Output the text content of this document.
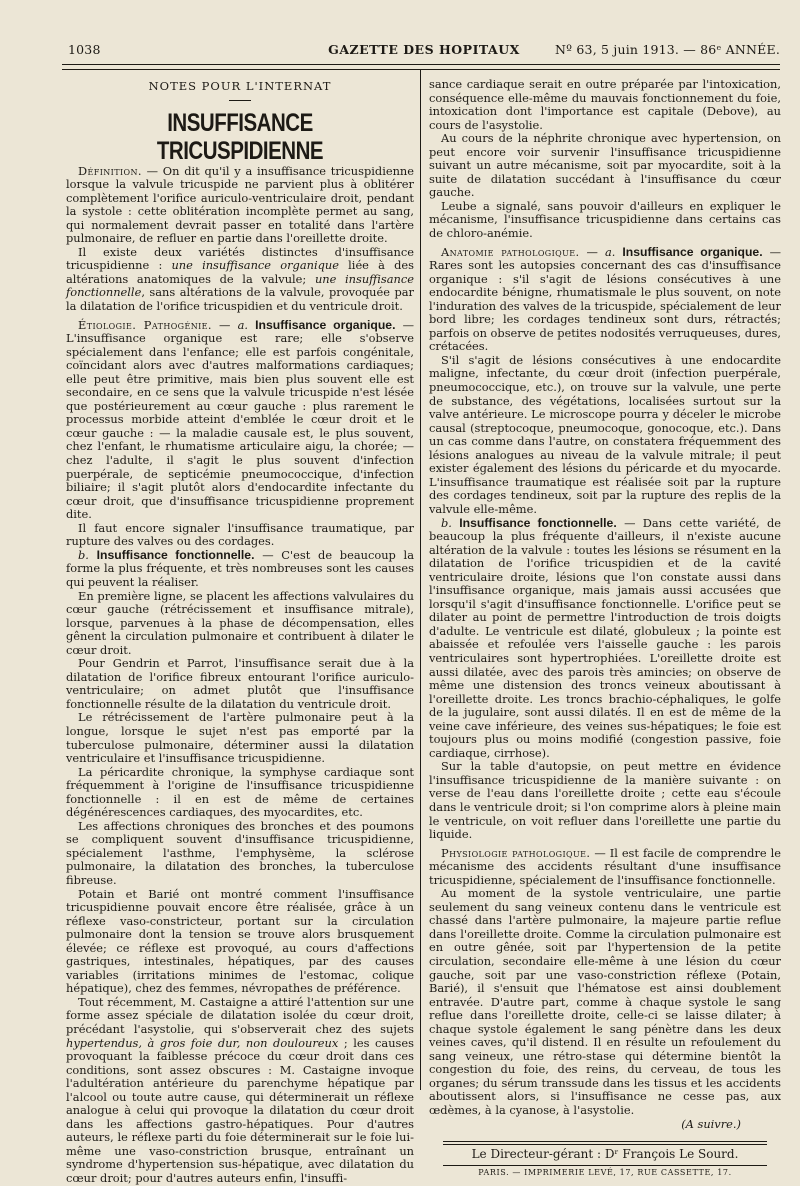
1038	GAZETTE DES HOPITAUX	Nº 63, 5 juin 1913. — 86ᵉ ANNÉE.

NOTES POUR L'INTERNAT

INSUFFISANCE TRICUSPIDIENNE

Définition. — On dit qu'il y a insuffisance tricuspidienne lorsque la valvule tricuspide ne parvient plus à oblitérer complètement l'orifice auriculo-ventriculaire droit, pendant la systole : cette oblitération incomplète permet au sang, qui normalement devrait passer en totalité dans l'artère pulmonaire, de refluer en partie dans l'oreillette droite.

Il existe deux variétés distinctes d'insuffisance tricuspidienne : une insuffisance organique liée à des altérations anatomiques de la valvule; une insuffisance fonctionnelle, sans altérations de la valvule, provoquée par la dilatation de l'orifice tricuspidien et du ventricule droit.

Étiologie. Pathogénie. — a. Insuffisance organique. — L'insuffisance organique est rare; elle s'observe spécialement dans l'enfance; elle est parfois congénitale, coïncidant alors avec d'autres malformations cardiaques; elle peut être primitive, mais bien plus souvent elle est secondaire, en ce sens que la valvule tricuspide n'est lésée que postérieurement au cœur gauche : plus rarement le processus morbide atteint d'emblée le cœur droit et le cœur gauche : — la maladie causale est, le plus souvent, chez l'enfant, le rhumatisme articulaire aigu, la chorée; — chez l'adulte, il s'agit le plus souvent d'infection puerpérale, de septicémie pneumococcique, d'infection biliaire; il s'agit plutôt alors d'endocardite infectante du cœur droit, que d'insuffisance tricuspidienne proprement dite.

Il faut encore signaler l'insuffisance traumatique, par rupture des valves ou des cordages.

b. Insuffisance fonctionnelle. — C'est de beaucoup la forme la plus fréquente, et très nombreuses sont les causes qui peuvent la réaliser.

En première ligne, se placent les affections valvulaires du cœur gauche (rétrécissement et insuffisance mitrale), lorsque, parvenues à la phase de décompensation, elles gênent la circulation pulmonaire et contribuent à dilater le cœur droit.

Pour Gendrin et Parrot, l'insuffisance serait due à la dilatation de l'orifice fibreux entourant l'orifice auriculo-ventriculaire; on admet plutôt que l'insuffisance fonctionnelle résulte de la dilatation du ventricule droit.

Le rétrécissement de l'artère pulmonaire peut à la longue, lorsque le sujet n'est pas emporté par la tuberculose pulmonaire, déterminer aussi la dilatation ventriculaire et l'insuffisance tricuspidienne.

La péricardite chronique, la symphyse cardiaque sont fréquemment à l'origine de l'insuffisance tricuspidienne fonctionnelle : il en est de même de certaines dégénérescences cardiaques, des myocardites, etc.

Les affections chroniques des bronches et des poumons se compliquent souvent d'insuffisance tricuspidienne, spécialement l'asthme, l'emphysème, la sclérose pulmonaire, la dilatation des bronches, la tuberculose fibreuse.

Potain et Barié ont montré comment l'insuffisance tricuspidienne pouvait encore être réalisée, grâce à un réflexe vaso-constricteur, portant sur la circulation pulmonaire dont la tension se trouve alors brusquement élevée; ce réflexe est provoqué, au cours d'affections gastriques, intestinales, hépatiques, par des causes variables (irritations minimes de l'estomac, colique hépatique), chez des femmes, névropathes de préférence.

Tout récemment, M. Castaigne a attiré l'attention sur une forme assez spéciale de dilatation isolée du cœur droit, précédant l'asystolie, qui s'observerait chez des sujets hypertendus, à gros foie dur, non douloureux ; les causes provoquant la faiblesse précoce du cœur droit dans ces conditions, sont assez obscures : M. Castaigne invoque l'adultération antérieure du parenchyme hépatique par l'alcool ou toute autre cause, qui déterminerait un réflexe analogue à celui qui provoque la dilatation du cœur droit dans les affections gastro-hépatiques. Pour d'autres auteurs, le réflexe parti du foie déterminerait sur le foie lui-même une vaso-constriction brusque, entraînant un syndrome d'hypertension sus-hépatique, avec dilatation du cœur droit; pour d'autres auteurs enfin, l'insuffi-

sance cardiaque serait en outre préparée par l'intoxication, conséquence elle-même du mauvais fonctionnement du foie, intoxication dont l'importance est capitale (Debove), au cours de l'asystolie.

Au cours de la néphrite chronique avec hypertension, on peut encore voir survenir l'insuffisance tricuspidienne suivant un autre mécanisme, soit par myocardite, soit à la suite de dilatation succédant à l'insuffisance du cœur gauche.

Leube a signalé, sans pouvoir d'ailleurs en expliquer le mécanisme, l'insuffisance tricuspidienne dans certains cas de chloro-anémie.

Anatomie pathologique. — a. Insuffisance organique. — Rares sont les autopsies concernant des cas d'insuffisance organique : s'il s'agit de lésions consécutives à une endocardite bénigne, rhumatismale le plus souvent, on note l'induration des valves de la tricuspide, spécialement de leur bord libre; les cordages tendineux sont durs, rétractés; parfois on observe de petites nodosités verruqueuses, dures, crétacées.

S'il s'agit de lésions consécutives à une endocardite maligne, infectante, du cœur droit (infection puerpérale, pneumococcique, etc.), on trouve sur la valvule, une perte de substance, des végétations, localisées surtout sur la valve antérieure. Le microscope pourra y déceler le microbe causal (streptocoque, pneumocoque, gonocoque, etc.). Dans un cas comme dans l'autre, on constatera fréquemment des lésions analogues au niveau de la valvule mitrale; il peut exister également des lésions du péricarde et du myocarde. L'insuffisance traumatique est réalisée soit par la rupture des cordages tendineux, soit par la rupture des replis de la valvule elle-même.

b. Insuffisance fonctionnelle. — Dans cette variété, de beaucoup la plus fréquente d'ailleurs, il n'existe aucune altération de la valvule : toutes les lésions se résument en la dilatation de l'orifice tricuspidien et de la cavité ventriculaire droite, lésions que l'on constate aussi dans l'insuffisance organique, mais jamais aussi accusées que lorsqu'il s'agit d'insuffisance fonctionnelle. L'orifice peut se dilater au point de permettre l'introduction de trois doigts d'adulte. Le ventricule est dilaté, globuleux ; la pointe est abaissée et refoulée vers l'aisselle gauche : les parois ventriculaires sont hypertrophiées. L'oreillette droite est aussi dilatée, avec des parois très amincies; on observe de même une distension des troncs veineux aboutissant à l'oreillette droite. Les troncs brachio-céphaliques, le golfe de la jugulaire, sont aussi dilatés. Il en est de même de la veine cave inférieure, des veines sus-hépatiques; le foie est toujours plus ou moins modifié (congestion passive, foie cardiaque, cirrhose).

Sur la table d'autopsie, on peut mettre en évidence l'insuffisance tricuspidienne de la manière suivante : on verse de l'eau dans l'oreillette droite ; cette eau s'écoule dans le ventricule droit; si l'on comprime alors à pleine main le ventricule, on voit refluer dans l'oreillette une partie du liquide.

Physiologie pathologique. — Il est facile de comprendre le mécanisme des accidents résultant d'une insuffisance tricuspidienne, spécialement de l'insuffisance fonctionnelle.

Au moment de la systole ventriculaire, une partie seulement du sang veineux contenu dans le ventricule est chassé dans l'artère pulmonaire, la majeure partie reflue dans l'oreillette droite. Comme la circulation pulmonaire est en outre gênée, soit par l'hypertension de la petite circulation, secondaire elle-même à une lésion du cœur gauche, soit par une vaso-constriction réflexe (Potain, Barié), il s'ensuit que l'hématose est ainsi doublement entravée. D'autre part, comme à chaque systole le sang reflue dans l'oreillette droite, celle-ci se laisse dilater; à chaque systole également le sang pénètre dans les deux veines caves, qu'il distend. Il en résulte un refoulement du sang veineux, une rétro-stase qui détermine bientôt la congestion du foie, des reins, du cerveau, de tous les organes; du sérum transsude dans les tissus et les accidents aboutissent alors, si l'insuffisance ne cesse pas, aux œdèmes, à la cyanose, à l'asystolie.

(A suivre.)

Le Directeur-gérant : Dʳ François Le Sourd.

PARIS. — IMPRIMERIE LEVÉ, 17, RUE CASSETTE, 17.
